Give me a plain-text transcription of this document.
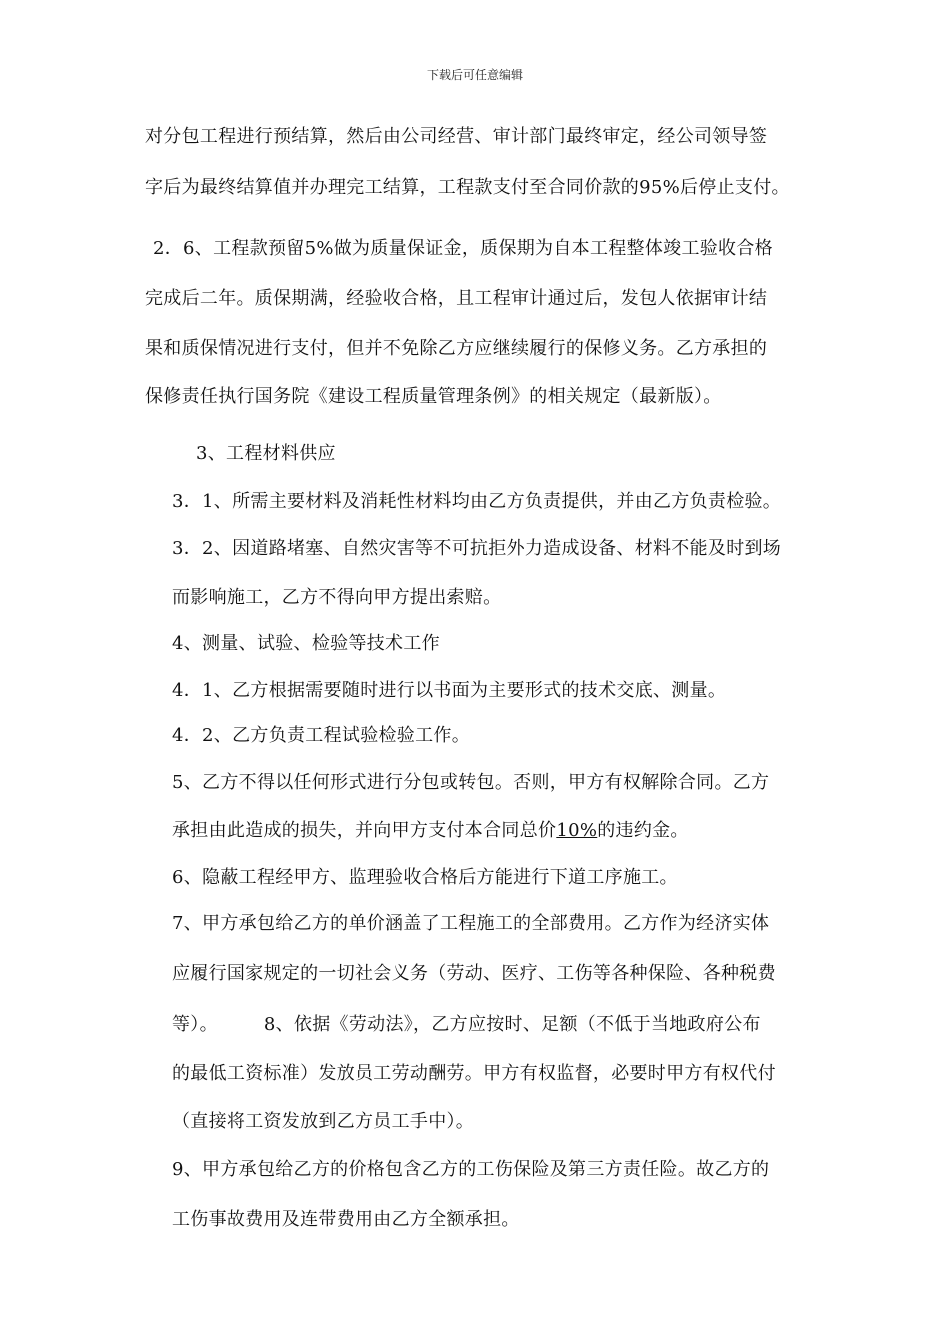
下载后可任意编辑
对分包工程进行预结算，然后由公司经营、审计部门最终审定，经公司领导签
字后为最终结算值并办理完工结算，工程款支付至合同价款的95%后停止支付。
2．6、工程款预留5%做为质量保证金，质保期为自本工程整体竣工验收合格
完成后二年。质保期满，经验收合格，且工程审计通过后，发包人依据审计结
果和质保情况进行支付，但并不免除乙方应继续履行的保修义务。乙方承担的
保修责任执行国务院《建设工程质量管理条例》的相关规定（最新版）。
3、工程材料供应
3．1、所需主要材料及消耗性材料均由乙方负责提供，并由乙方负责检验。
3．2、因道路堵塞、自然灾害等不可抗拒外力造成设备、材料不能及时到场
而影响施工，乙方不得向甲方提出索赔。
4、测量、试验、检验等技术工作
4．1、乙方根据需要随时进行以书面为主要形式的技术交底、测量。
4．2、乙方负责工程试验检验工作。
5、乙方不得以任何形式进行分包或转包。否则，甲方有权解除合同。乙方
承担由此造成的损失，并向甲方支付本合同总价10%的违约金。
6、隐蔽工程经甲方、监理验收合格后方能进行下道工序施工。
7、甲方承包给乙方的单价涵盖了工程施工的全部费用。乙方作为经济实体
应履行国家规定的一切社会义务（劳动、医疗、工伤等各种保险、各种税费
等）。	8、依据《劳动法》，乙方应按时、足额（不低于当地政府公布
的最低工资标准）发放员工劳动酬劳。甲方有权监督，必要时甲方有权代付
（直接将工资发放到乙方员工手中）。
9、甲方承包给乙方的价格包含乙方的工伤保险及第三方责任险。故乙方的
工伤事故费用及连带费用由乙方全额承担。
